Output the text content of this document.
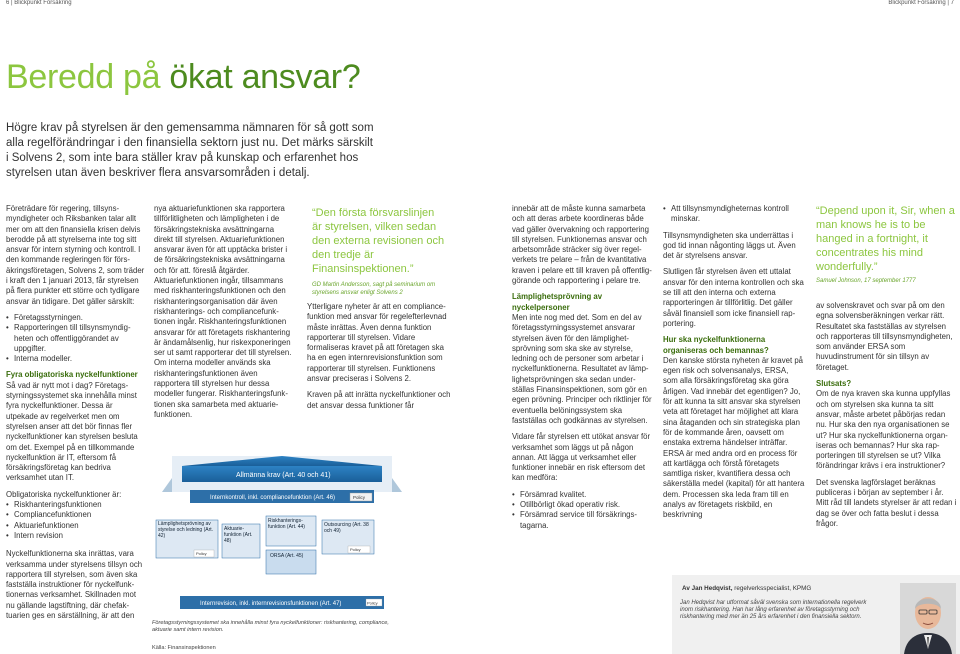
6 | Blickpunkt Försäkring	Blickpunkt Försäkring | 7
Beredd på ökat ansvar?
Högre krav på styrelsen är den gemensamma nämnaren för så gott som alla regelförändringar i den finansiella sektorn just nu. Det märks särskilt i Solvens 2, som inte bara ställer krav på kunskap och erfarenhet hos styrelsen utan även beskriver flera ansvarsområden i detalj.

Företrädare för regering, tillsynsmyndigheter och Riksbanken talar allt mer om att den finansiella krisen delvis berodde på att styrelserna inte tog sitt ansvar för intern styrning och kontroll. I den kommande regleringen för försäkringsföretagen, Solvens 2, som träder i kraft den 1 januari 2013, får styrelsen på flera punkter ett större och tydligare ansvar än tidigare. Det gäller särskilt:

• Företagsstyrningen.
• Rapporteringen till tillsynsmyndigheten och offentliggörandet av uppgifter.
• Interna modeller.

Fyra obligatoriska nyckelfunktioner

Så vad är nytt mot i dag? Företagsstyrningssystemet ska innehålla minst fyra nyckelfunktioner. Dessa är utpekade av regelverket men om styrelsen anser att det bör finnas fler nyckelfunktioner kan styrelsen besluta om det. Exempel på en tillkommande nyckelfunktion är IT, eftersom få försäkringsföretag kan bedriva verksamhet utan IT.

Obligatoriska nyckelfunktioner är:

• Riskhanteringsfunktionen
• Compliancefunktionen
• Aktuariefunktionen
• Intern revision

Nyckelfunktionerna ska inrättas, vara verksamma under styrelsens tillsyn och rapportera till styrelsen, som även ska fastställa instruktioner för nyckelfunktionernas verksamhet. Skillnaden mot nu gällande lagstiftning, där chefaktuarien ges en särställning, är att den

nya aktuariefunktionen ska rapportera tillförlitligheten och lämpligheten i de försäkringstekniska avsättningarna direkt till styrelsen. Aktuariefunktionen ansvarar även för att upptäcka brister i de försäkringstekniska avsättningarna och för att. föreslå åtgärder. Aktuariefunktionen ingår, tillsammans med riskhanteringsfunktionen och den riskhanteringsorganisation där även riskhanterings- och compliancefunktionen ingår. Riskhanteringsfunktionen ansvarar för att företagets riskhantering är ändamålsenlig, hur riskexponeringen ser ut samt rapporterar det till styrelsen. Om interna modeller används ska riskhanteringsfunktionen även rapportera till styrelsen hur dessa modeller fungerar. Riskhanteringsfunktionen ska samarbeta med aktuariefunktionen.

“Den första försvarslinjen är styrelsen, vilken sedan den externa revisionen och den tredje är Finansinspektionen.”
GD Martin Andersson, sagt på seminarium om styrelsens ansvar enligt Solvens 2

Ytterligare nyheter är att en compliancefunktion med ansvar för regelefterlevnad måste inrättas. Även denna funktion rapporterar till styrelsen. Vidare formaliseras kravet på att företagen ska ha en egen internrevisionsfunktion som rapporterar till styrelsen. Funktionens ansvar preciseras i Solvens 2.

Kraven på att inrätta nyckelfunktioner och det ansvar dessa funktioner får

Allmänna krav (Art. 40 och 41)
Internkontroll, inkl. compliancefunktion (Art. 46)	Policy
Lämplighetsprövning av styrelse och ledning (Art. 42)
Policy
Aktuarie-funktion (Art. 48)
Riskhanterings-funktion (Art. 44)
ORSA (Art. 45)
Outsourcing (Art. 38 och 49)
Policy
Internrevision, inkl. internrevisionsfunktionen (Art. 47)	Policy
Företagsstyrningssystemet ska innehålla minst fyra nyckelfunktioner: riskhantering, compliance, aktuarie samt intern revision.
Källa: Finansinspektionen

innebär att de måste kunna samarbeta och att deras arbete koordineras både vad gäller övervakning och rapportering till styrelsen. Funktionernas ansvar och arbetsområde sträcker sig över regelverkets tre pelare – från de kvantitativa kraven i pelare ett till kraven på offentliggörande och rapportering i pelare tre.

Lämplighetsprövning av nyckelpersoner

Men inte nog med det. Som en del av företagsstyrningssystemet ansvarar styrelsen även för den lämplighetsprövning som ska ske av styrelse, ledning och de personer som arbetar i nyckelfunktionerna. Resultatet av lämplighetsprövningen ska sedan underställas Finansinspektionen, som gör en egen prövning. Principer och riktlinjer för eventuella belöningssystem ska fastställas och godkännas av styrelsen.

Vidare får styrelsen ett utökat ansvar för verksamhet som läggs ut på någon annan. Att lägga ut verksamhet eller funktioner innebär en risk eftersom det kan medföra:

• Försämrad kvalitet.
• Otillbörligt ökad operativ risk.
• Försämrad service till försäkringstagarna.
• Att tillsynsmyndigheternas kontroll minskar.

Tillsynsmyndigheten ska underrättas i god tid innan någonting läggs ut. Även det är styrelsens ansvar.

Slutligen får styrelsen även ett uttalat ansvar för den interna kontrollen och ska se till att den interna och externa rapporteringen är tillförlitlig. Det gäller såväl finansiell som icke finansiell rapportering.

Hur ska nyckelfunktionerna organiseras och bemannas?

Den kanske största nyheten är kravet på egen risk och solvensanalys, ERSA, som alla försäkringsföretag ska göra årligen. Vad innebär det egentligen? Jo, för att kunna ta sitt ansvar ska styrelsen veta att företaget har möjlighet att klara sina åtaganden och sin strategiska plan för de kommande åren, oavsett om enstaka extrema händelser inträffar. ERSA är med andra ord en process för att kartlägga och förstå företagets samtliga risker, kvantifiera dessa och säkerställa medel (kapital) för att hantera dem. Processen ska leda fram till en analys av företagets riskbild, en beskrivning

“Depend upon it, Sir, when a man knows he is to be hanged in a fortnight, it concentrates his mind wonderfully.”
Samuel Johnson, 17 september 1777

av solvenskravet och svar på om den egna solvensberäkningen verkar rätt. Resultatet ska fastställas av styrelsen och rapporteras till tillsynsmyndigheten, som använder ERSA som huvudinstrument för sin tillsyn av företaget.

Slutsats?

Om de nya kraven ska kunna uppfyllas och om styrelsen ska kunna ta sitt ansvar, måste arbetet påbörjas redan nu. Hur ska den nya organisationen se ut? Hur ska nyckelfunktionerna organiseras och bemannas? Hur ska rapporteringen till styrelsen se ut? Vilka förändringar krävs i era instruktioner?

Det svenska lagförslaget beräknas publiceras i början av september i år. Mitt råd till landets styrelser är att redan i dag se över och fatta beslut i dessa frågor.

Av Jan Hedqvist, regelverksspecialist, KPMG
Jan Hedqvist har utformat såväl svenska som internationella regelverk inom riskhantering. Han har lång erfarenhet av företagsstyrning och riskhantering med mer än 25 års erfarenhet i den finansiella sektorn.
